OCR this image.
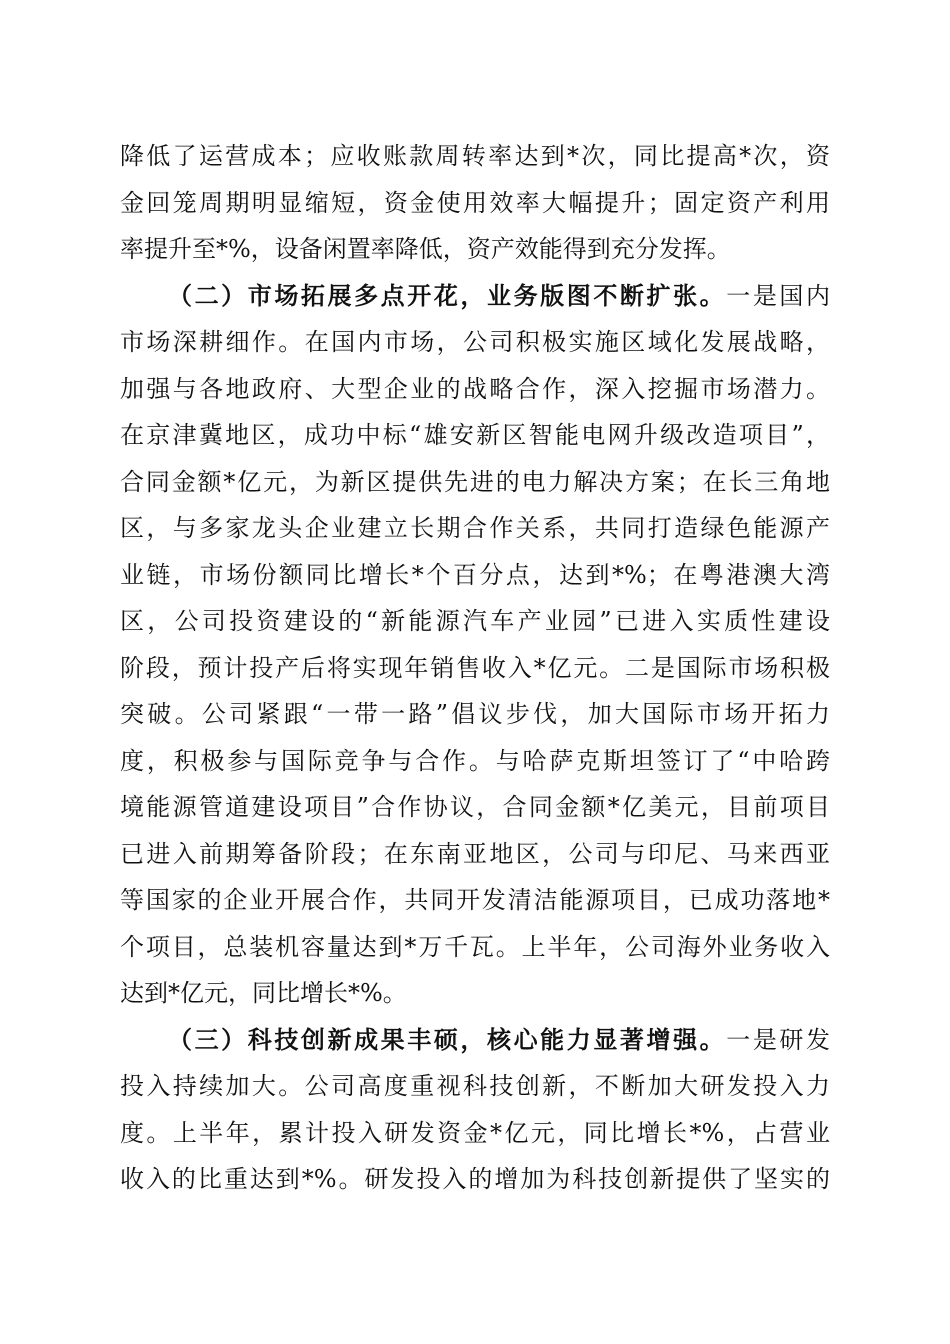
降低了运营成本；应收账款周转率达到*次，同比提高*次，资
金回笼周期明显缩短，资金使用效率大幅提升；固定资产利用
率提升至*%，设备闲置率降低，资产效能得到充分发挥。
（二）市场拓展多点开花，业务版图不断扩张。一是国内
市场深耕细作。在国内市场，公司积极实施区域化发展战略，
加强与各地政府、大型企业的战略合作，深入挖掘市场潜力。
在京津冀地区，成功中标“雄安新区智能电网升级改造项目”，
合同金额*亿元，为新区提供先进的电力解决方案；在长三角地
区，与多家龙头企业建立长期合作关系，共同打造绿色能源产
业链，市场份额同比增长*个百分点，达到*%；在粤港澳大湾
区，公司投资建设的“新能源汽车产业园”已进入实质性建设
阶段，预计投产后将实现年销售收入*亿元。二是国际市场积极
突破。公司紧跟“一带一路”倡议步伐，加大国际市场开拓力
度，积极参与国际竞争与合作。与哈萨克斯坦签订了“中哈跨
境能源管道建设项目”合作协议，合同金额*亿美元，目前项目
已进入前期筹备阶段；在东南亚地区，公司与印尼、马来西亚
等国家的企业开展合作，共同开发清洁能源项目，已成功落地*
个项目，总装机容量达到*万千瓦。上半年，公司海外业务收入
达到*亿元，同比增长*%。
（三）科技创新成果丰硕，核心能力显著增强。一是研发
投入持续加大。公司高度重视科技创新，不断加大研发投入力
度。上半年，累计投入研发资金*亿元，同比增长*%，占营业
收入的比重达到*%。研发投入的增加为科技创新提供了坚实的
